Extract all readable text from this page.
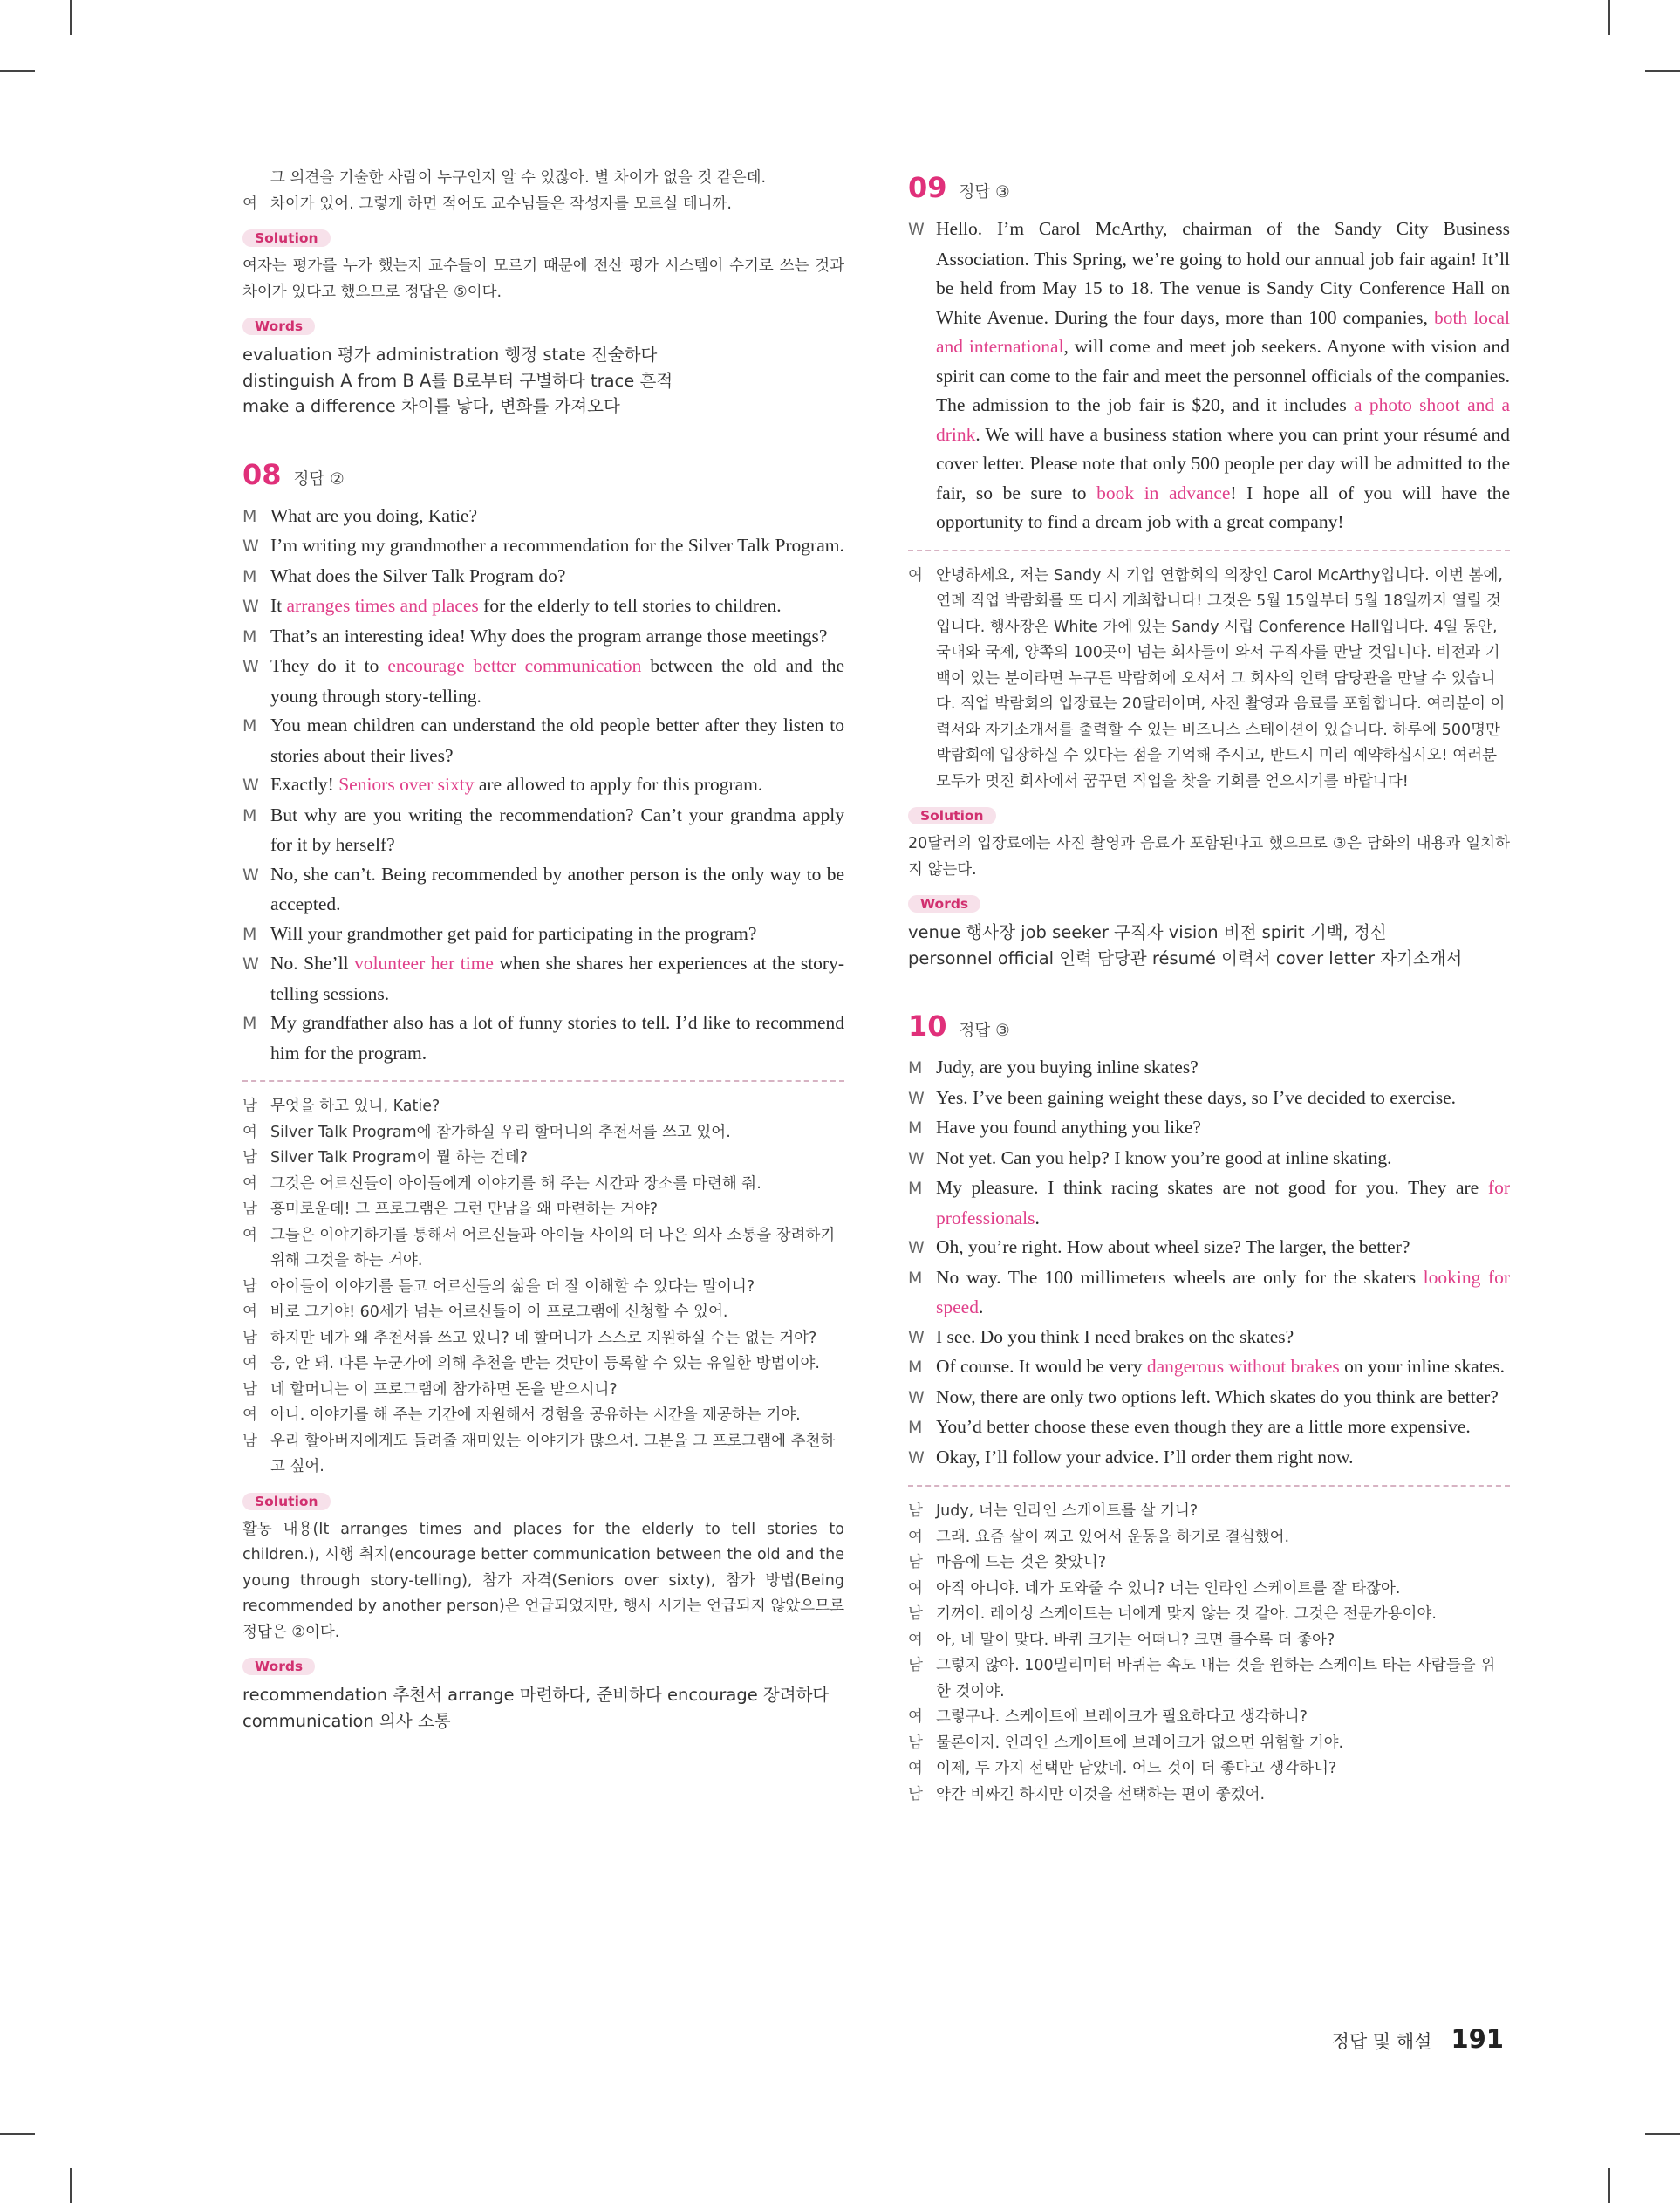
그 의견을 기술한 사람이 누구인지 알 수 있잖아. 별 차이가 없을 것 같은데.
여 차이가 있어. 그렇게 하면 적어도 교수님들은 작성자를 모르실 테니까.
Solution
여자는 평가를 누가 했는지 교수들이 모르기 때문에 전산 평가 시스템이 수기로 쓰는 것과 차이가 있다고 했으므로 정답은 ⑤이다.
Words
evaluation 평가 administration 행정 state 진술하다
distinguish A from B A를 B로부터 구별하다 trace 흔적
make a difference 차이를 낳다, 변화를 가져오다
08 정답 ②
M What are you doing, Katie?
W I’m writing my grandmother a recommendation for the Silver Talk Program.
M What does the Silver Talk Program do?
W It arranges times and places for the elderly to tell stories to children.
M That’s an interesting idea! Why does the program arrange those meetings?
W They do it to encourage better communication between the old and the young through story-telling.
M You mean children can understand the old people better after they listen to stories about their lives?
W Exactly! Seniors over sixty are allowed to apply for this program.
M But why are you writing the recommendation? Can’t your grandma apply for it by herself?
W No, she can’t. Being recommended by another person is the only way to be accepted.
M Will your grandmother get paid for participating in the program?
W No. She’ll volunteer her time when she shares her experiences at the story-telling sessions.
M My grandfather also has a lot of funny stories to tell. I’d like to recommend him for the program.
남 무엇을 하고 있니, Katie?
여 Silver Talk Program에 참가하실 우리 할머니의 추천서를 쓰고 있어.
남 Silver Talk Program이 뭘 하는 건데?
여 그것은 어르신들이 아이들에게 이야기를 해 주는 시간과 장소를 마련해 줘.
남 흥미로운데! 그 프로그램은 그런 만남을 왜 마련하는 거야?
여 그들은 이야기하기를 통해서 어르신들과 아이들 사이의 더 나은 의사 소통을 장려하기 위해 그것을 하는 거야.
남 아이들이 이야기를 듣고 어르신들의 삶을 더 잘 이해할 수 있다는 말이니?
여 바로 그거야! 60세가 넘는 어르신들이 이 프로그램에 신청할 수 있어.
남 하지만 네가 왜 추천서를 쓰고 있니? 네 할머니가 스스로 지원하실 수는 없는 거야?
여 응, 안 돼. 다른 누군가에 의해 추천을 받는 것만이 등록할 수 있는 유일한 방법이야.
남 네 할머니는 이 프로그램에 참가하면 돈을 받으시니?
여 아니. 이야기를 해 주는 기간에 자원해서 경험을 공유하는 시간을 제공하는 거야.
남 우리 할아버지에게도 들려줄 재미있는 이야기가 많으셔. 그분을 그 프로그램에 추천하고 싶어.
Solution
활동 내용(It arranges times and places for the elderly to tell stories to children.), 시행 취지(encourage better communication between the old and the young through story-telling), 참가 자격(Seniors over sixty), 참가 방법(Being recommended by another person)은 언급되었지만, 행사 시기는 언급되지 않았으므로 정답은 ②이다.
Words
recommendation 추천서 arrange 마련하다, 준비하다 encourage 장려하다
communication 의사 소통
09 정답 ③
W Hello. I’m Carol McArthy, chairman of the Sandy City Business Association. This Spring, we’re going to hold our annual job fair again! It’ll be held from May 15 to 18. The venue is Sandy City Conference Hall on White Avenue. During the four days, more than 100 companies, both local and international, will come and meet job seekers. Anyone with vision and spirit can come to the fair and meet the personnel officials of the companies. The admission to the job fair is $20, and it includes a photo shoot and a drink. We will have a business station where you can print your résumé and cover letter. Please note that only 500 people per day will be admitted to the fair, so be sure to book in advance! I hope all of you will have the opportunity to find a dream job with a great company!
여 안녕하세요, 저는 Sandy 시 기업 연합회의 의장인 Carol McArthy입니다. 이번 봄에, 연례 직업 박람회를 또 다시 개최합니다! 그것은 5월 15일부터 5월 18일까지 열릴 것입니다. 행사장은 White 가에 있는 Sandy 시립 Conference Hall입니다. 4일 동안, 국내와 국제, 양쪽의 100곳이 넘는 회사들이 와서 구직자를 만날 것입니다. 비전과 기백이 있는 분이라면 누구든 박람회에 오셔서 그 회사의 인력 담당관을 만날 수 있습니다. 직업 박람회의 입장료는 20달러이며, 사진 촬영과 음료를 포함합니다. 여러분이 이력서와 자기소개서를 출력할 수 있는 비즈니스 스테이션이 있습니다. 하루에 500명만 박람회에 입장하실 수 있다는 점을 기억해 주시고, 반드시 미리 예약하십시오! 여러분 모두가 멋진 회사에서 꿈꾸던 직업을 찾을 기회를 얻으시기를 바랍니다!
Solution
20달러의 입장료에는 사진 촬영과 음료가 포함된다고 했으므로 ③은 담화의 내용과 일치하지 않는다.
Words
venue 행사장 job seeker 구직자 vision 비전 spirit 기백, 정신
personnel official 인력 담당관 résumé 이력서 cover letter 자기소개서
10 정답 ③
M Judy, are you buying inline skates?
W Yes. I’ve been gaining weight these days, so I’ve decided to exercise.
M Have you found anything you like?
W Not yet. Can you help? I know you’re good at inline skating.
M My pleasure. I think racing skates are not good for you. They are for professionals.
W Oh, you’re right. How about wheel size? The larger, the better?
M No way. The 100 millimeters wheels are only for the skaters looking for speed.
W I see. Do you think I need brakes on the skates?
M Of course. It would be very dangerous without brakes on your inline skates.
W Now, there are only two options left. Which skates do you think are better?
M You’d better choose these even though they are a little more expensive.
W Okay, I’ll follow your advice. I’ll order them right now.
남 Judy, 너는 인라인 스케이트를 살 거니?
여 그래. 요즘 살이 찌고 있어서 운동을 하기로 결심했어.
남 마음에 드는 것은 찾았니?
여 아직 아니야. 네가 도와줄 수 있니? 너는 인라인 스케이트를 잘 타잖아.
남 기꺼이. 레이싱 스케이트는 너에게 맞지 않는 것 같아. 그것은 전문가용이야.
여 아, 네 말이 맞다. 바퀴 크기는 어떠니? 크면 클수록 더 좋아?
남 그렇지 않아. 100밀리미터 바퀴는 속도 내는 것을 원하는 스케이트 타는 사람들을 위한 것이야.
여 그렇구나. 스케이트에 브레이크가 필요하다고 생각하니?
남 물론이지. 인라인 스케이트에 브레이크가 없으면 위험할 거야.
여 이제, 두 가지 선택만 남았네. 어느 것이 더 좋다고 생각하니?
남 약간 비싸긴 하지만 이것을 선택하는 편이 좋겠어.
정답 및 해설 191
